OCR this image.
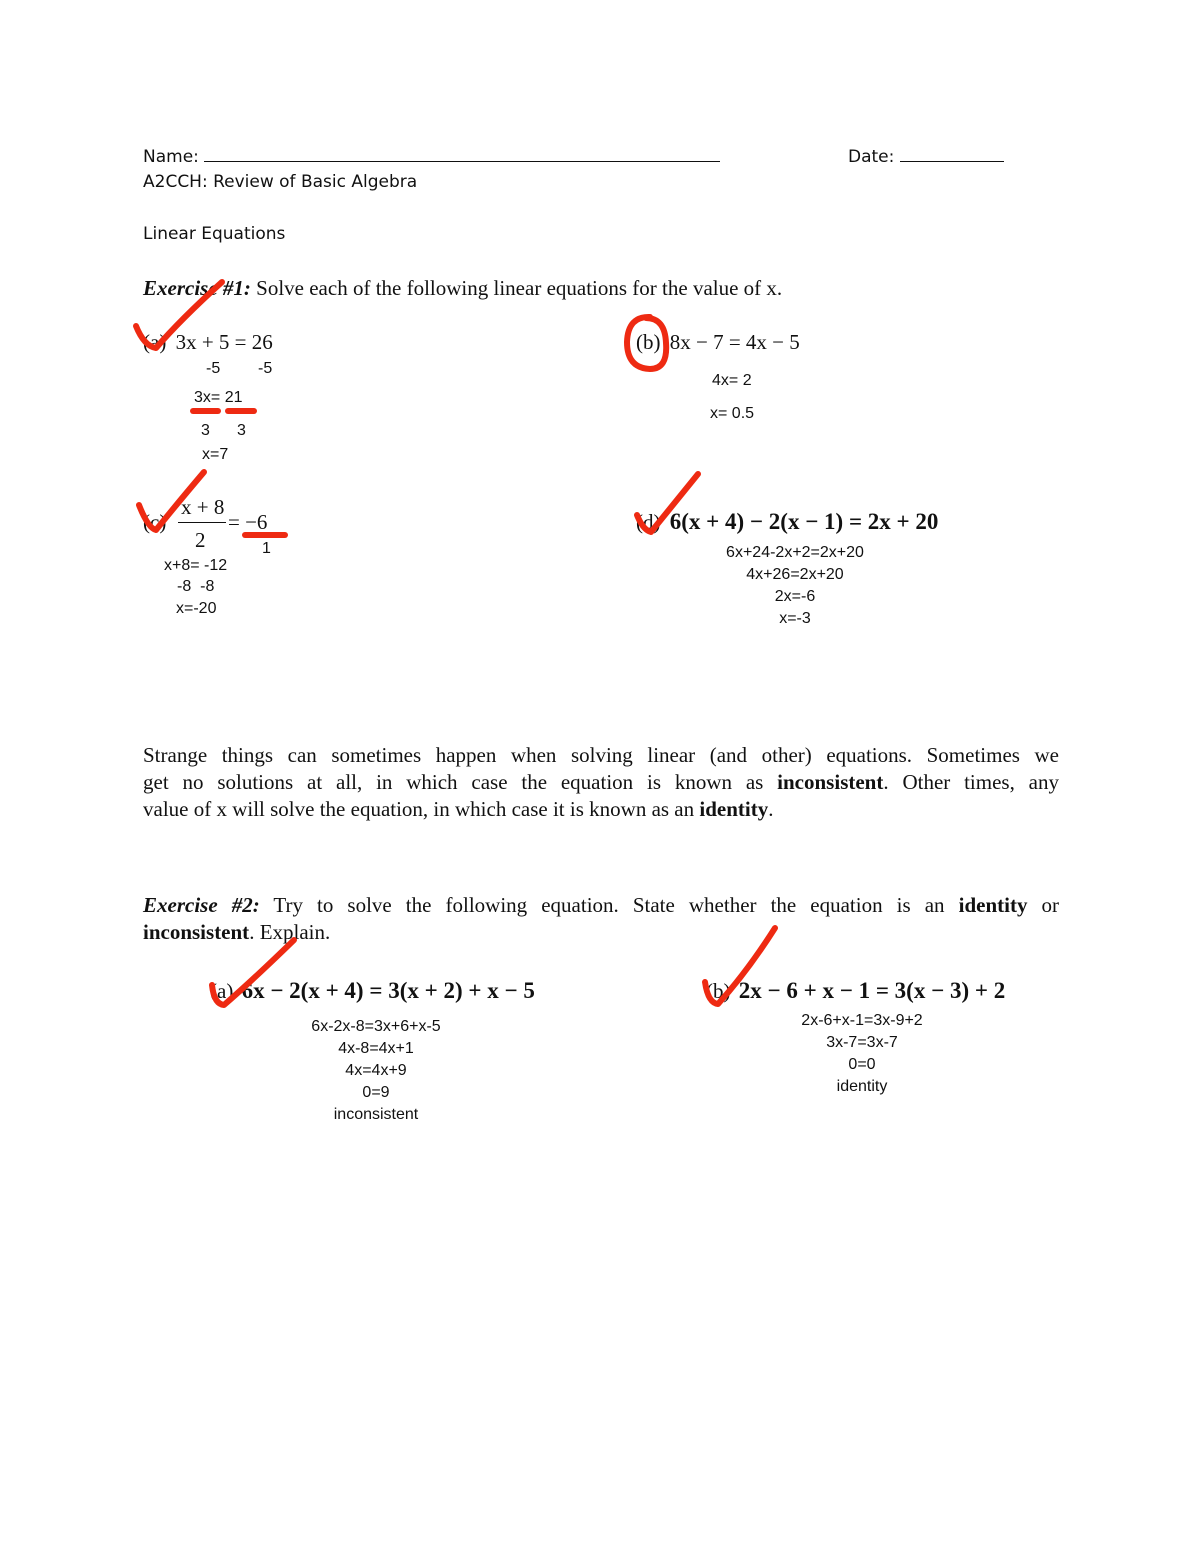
Name:	Date:
A2CCH: Review of Basic Algebra
Linear Equations
Exercise #1: Solve each of the following linear equations for the value of x.
(a) 3x + 5 = 26
-5 -5
3x= 21
3 3
x=7
(b) 8x − 7 = 4x − 5
4x= 2
x= 0.5
(c)
x + 8
2
= −6
1
x+8= -12
-8  -8
x=-20
(d) 6(x + 4) − 2(x − 1) = 2x + 20
6x+24-2x+2=2x+20
4x+26=2x+20
2x=-6
x=-3
Strange things can sometimes happen when solving linear (and other) equations. Sometimes we
get no solutions at all, in which case the equation is known as inconsistent. Other times, any
value of x will solve the equation, in which case it is known as an identity.
Exercise #2: Try to solve the following equation. State whether the equation is an identity or
inconsistent. Explain.
(a) 6x − 2(x + 4) = 3(x + 2) + x − 5
6x-2x-8=3x+6+x-5
4x-8=4x+1
4x=4x+9
0=9
inconsistent
(b) 2x − 6 + x − 1 = 3(x − 3) + 2
2x-6+x-1=3x-9+2
3x-7=3x-7
0=0
identity
